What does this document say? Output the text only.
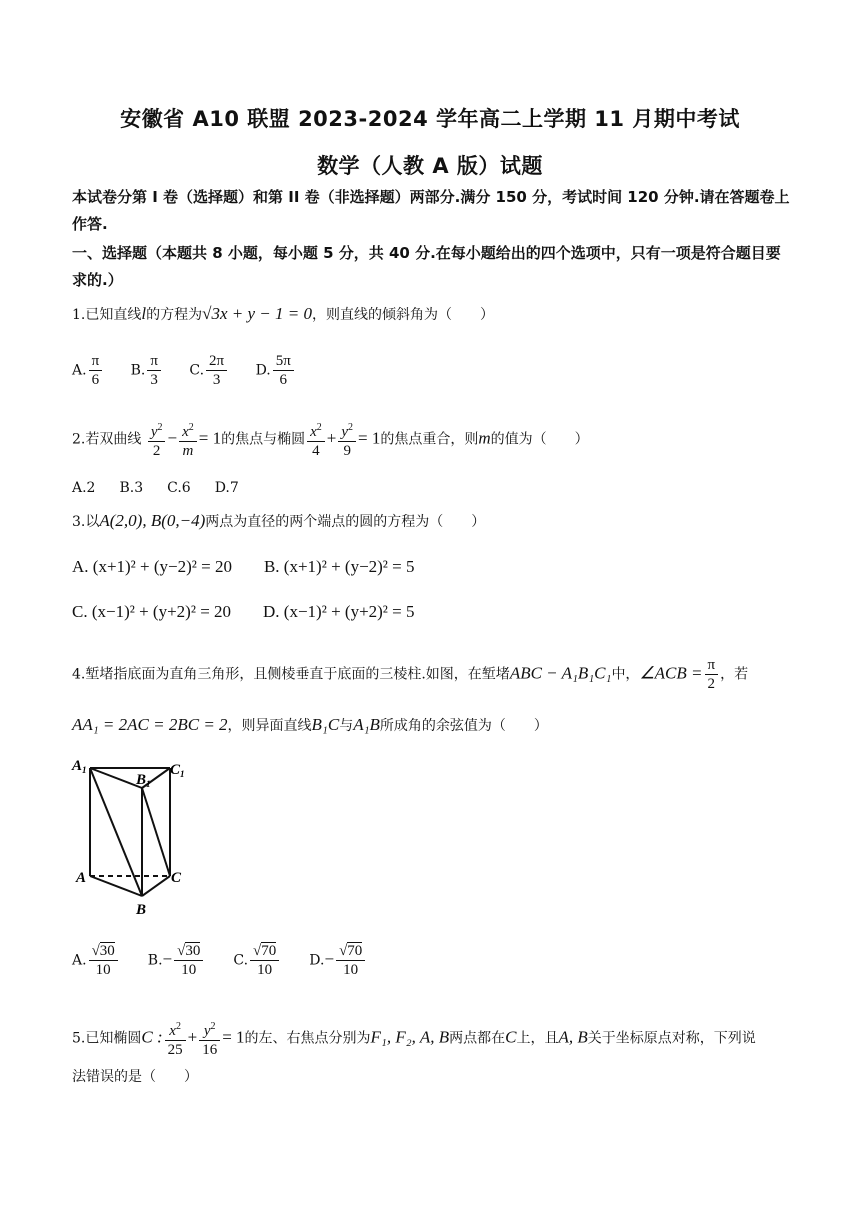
安徽省 A10 联盟 2023-2024 学年高二上学期 11 月期中考试
数学（人教 A 版）试题
本试卷分第 I 卷（选择题）和第 II 卷（非选择题）两部分.满分 150 分，考试时间 120 分钟.请在答题卷上作答.
一、选择题（本题共 8 小题，每小题 5 分，共 40 分.在每小题给出的四个选项中，只有一项是符合题目要求的.）
1.已知直线l的方程为√3x + y − 1 = 0，则直线的倾斜角为（　　）
A. $\frac{\pi}{6} B$. $\frac{\pi}{3} C$. $\frac{2\pi}{3} D$. $\frac{5\pi}{6}$
2.若双曲线 $\frac{y^2}{2} - \frac{x^2}{m} = 1$的焦点与椭圆 $\frac{x^2}{4} + \frac{y^2}{9} = 1$的焦点重合，则m的值为（　　）
A.2 B.3 C.6 D.7
3.以A(2,0), B(0,−4)两点为直径的两个端点的圆的方程为（　　）
A. (x+1)² + (y−2)² = 20 B. (x+1)² + (y−2)² = 5
C. (x−1)² + (y+2)² = 20 D. (x−1)² + (y+2)² = 5
4.堑堵指底面为直角三角形，且侧棱垂直于底面的三棱柱.如图，在堑堵ABC − A₁B₁C₁中，∠ACB = $\frac{\pi}{2}$ ，若
AA₁ = 2AC = 2BC = 2，则异面直线B₁C与A₁B所成角的余弦值为（　　）
$A_1$
$B_1$
$C_1$
A	C
B
A. $\frac{√30}{10} B.- \frac{√30}{10} C$. $\frac{√70}{10} D.- \frac{√70}{10}$
5.已知椭圆C : $\frac{x^2}{25} + \frac{y^2}{16} = 1$的左、右焦点分别为F₁, F₂, A, B两点都在C上，且A, B关于坐标原点对称，下列说
法错误的是（　　）
